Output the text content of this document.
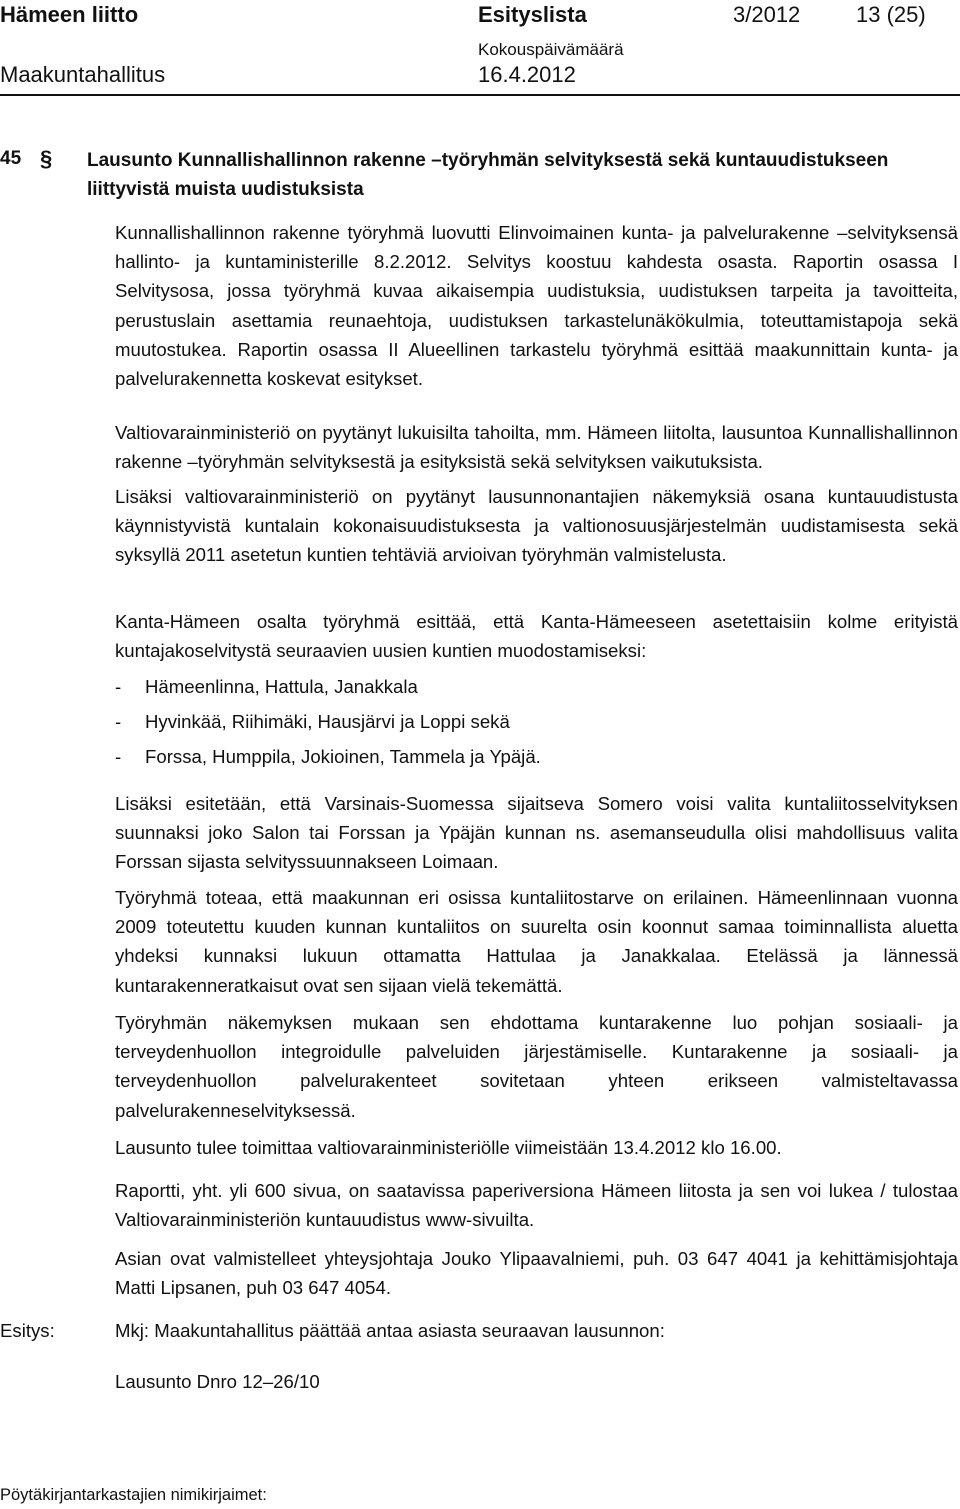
Hämeen liitto	Esityslista	3/2012	13 (25)
Kokouspäivämäärä
Maakuntahallitus	16.4.2012
45 § Lausunto Kunnallishallinnon rakenne –työryhmän selvityksestä sekä kuntauudistukseen liittyvistä muista uudistuksista
Kunnallishallinnon rakenne työryhmä luovutti Elinvoimainen kunta- ja palvelurakenne –selvityksensä hallinto- ja kuntaministerille 8.2.2012. Selvitys koostuu kahdesta osasta. Raportin osassa I Selvitysosa, jossa työryhmä kuvaa aikaisempia uudistuksia, uudistuksen tarpeita ja tavoitteita, perustuslain asettamia reunaehtoja, uudistuksen tarkastelunäkökulmia, toteuttamistapoja sekä muutostukea. Raportin osassa II Alueellinen tarkastelu työryhmä esittää maakunnittain kunta- ja palvelurakennetta koskevat esitykset.
Valtiovarainministeriö on pyytänyt lukuisilta tahoilta, mm. Hämeen liitolta, lausuntoa Kunnallishallinnon rakenne –työryhmän selvityksestä ja esityksistä sekä selvityksen vaikutuksista.
Lisäksi valtiovarainministeriö on pyytänyt lausunnonantajien näkemyksiä osana kuntauudistusta käynnistyvistä kuntalain kokonaisuudistuksesta ja valtionosuusjärjestelmän uudistamisesta sekä syksyllä 2011 asetetun kuntien tehtäviä arvioivan työryhmän valmistelusta.
Kanta-Hämeen osalta työryhmä esittää, että Kanta-Hämeeseen asetettaisiin kolme erityistä kuntajakoselvitystä seuraavien uusien kuntien muodostamiseksi:
- Hämeenlinna, Hattula, Janakkala
- Hyvinkää, Riihimäki, Hausjärvi ja Loppi sekä
- Forssa, Humppila, Jokioinen, Tammela ja Ypäjä.
Lisäksi esitetään, että Varsinais-Suomessa sijaitseva Somero voisi valita kuntaliitosselvityksen suunnaksi joko Salon tai Forssan ja Ypäjän kunnan ns. asemanseudulla olisi mahdollisuus valita Forssan sijasta selvityssuunnakseen Loimaan.
Työryhmä toteaa, että maakunnan eri osissa kuntaliitostarve on erilainen. Hämeenlinnaan vuonna 2009 toteutettu kuuden kunnan kuntaliitos on suurelta osin koonnut samaa toiminnallista aluetta yhdeksi kunnaksi lukuun ottamatta Hattulaa ja Janakkalaa. Etelässä ja lännessä kuntarakenneratkaisut ovat sen sijaan vielä tekemättä.
Työryhmän näkemyksen mukaan sen ehdottama kuntarakenne luo pohjan sosiaali- ja terveydenhuollon integroidulle palveluiden järjestämiselle. Kuntarakenne ja sosiaali- ja terveydenhuollon palvelurakenteet sovitetaan yhteen erikseen valmisteltavassa palvelurakenneselvityksessä.
Lausunto tulee toimittaa valtiovarainministeriölle viimeistään 13.4.2012 klo 16.00.
Raportti, yht. yli 600 sivua, on saatavissa paperiversiona Hämeen liitosta ja sen voi lukea / tulostaa Valtiovarainministeriön kuntauudistus www-sivuilta.
Asian ovat valmistelleet yhteysjohtaja Jouko Ylipaavalniemi, puh. 03 647 4041 ja kehittämisjohtaja Matti Lipsanen, puh 03 647 4054.
Esitys:	Mkj: Maakuntahallitus päättää antaa asiasta seuraavan lausunnon:
Lausunto Dnro 12–26/10
Pöytäkirjantarkastajien nimikirjaimet:
